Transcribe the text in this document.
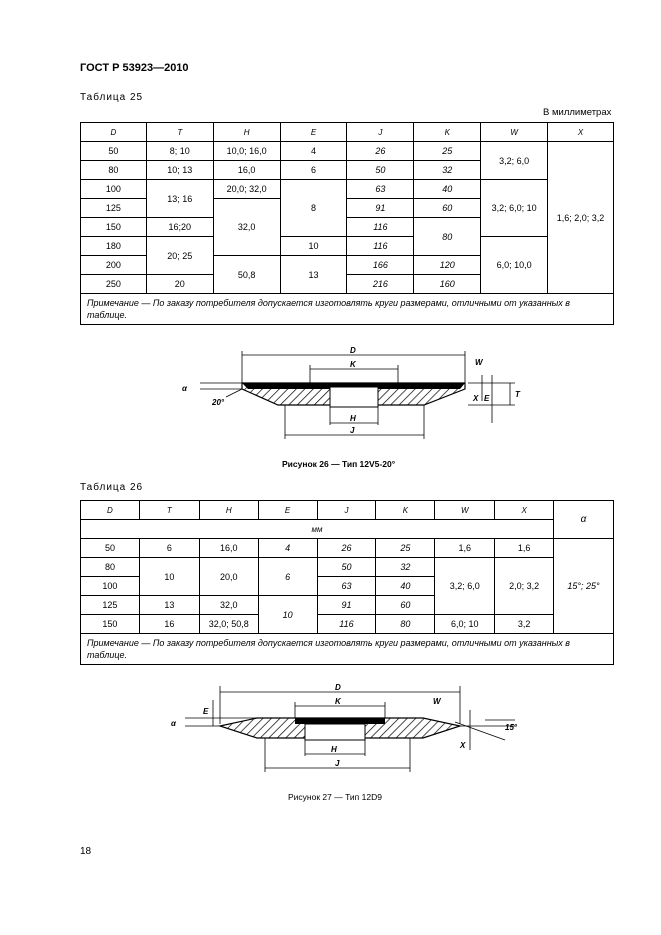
ГОСТ Р 53923—2010
Таблица 25
В миллиметрах
D	T	H	E	J	K	W	X
50	8; 10	10,0; 16,0	4	26	25	3,2; 6,0	1,6; 2,0; 3,2
80	10; 13	16,0	6	50	32		
100	13; 16	20,0; 32,0	8	63	40	3,2; 6,0; 10	
125		32,0		91	60		
150	16;20			116	80		
180	20; 25		10	116		6,0; 10,0	
200		50,8	13	166	120		
250	20			216	160		
Примечание — По заказу потребителя допускается изготовлять круги размерами, отличными от указанных в таблице.							
D
K	W
α
20°	X E	T
H
J
Рисунок 26 — Тип 12V5-20°
Таблица 26
D	T	H	E	J	K	W	X	α
мм								
50	6	16,0	4	26	25	1,6	1,6	15°; 25°
80	10	20,0	6	50	32	3,2; 6,0	2,0; 3,2	
100				63	40			
125	13	32,0	10	91	60			
150	16	32,0; 50,8		116	80	6,0; 10	3,2	
Примечание — По заказу потребителя допускается изготовлять круги размерами, отличными от указанных в таблице.								
D
K	W
α
E
X
15°
H
J
Рисунок 27 — Тип 12D9
18
